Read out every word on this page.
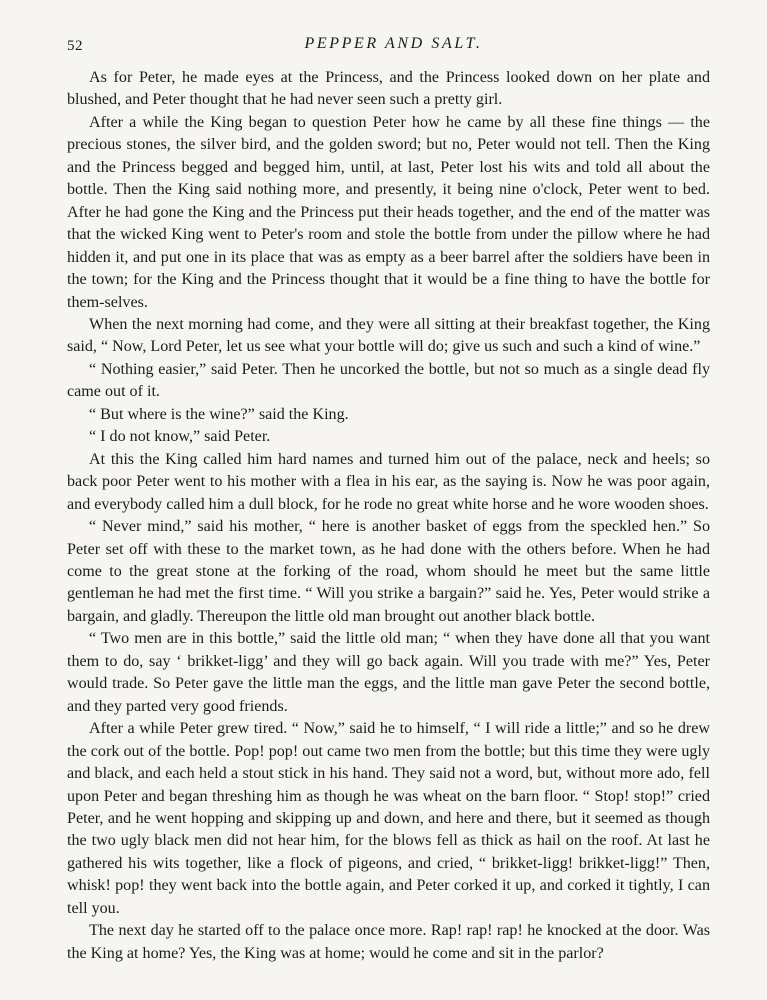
52	PEPPER AND SALT.

As for Peter, he made eyes at the Princess, and the Princess looked down on her plate and blushed, and Peter thought that he had never seen such a pretty girl.

After a while the King began to question Peter how he came by all these fine things — the precious stones, the silver bird, and the golden sword; but no, Peter would not tell. Then the King and the Princess begged and begged him, until, at last, Peter lost his wits and told all about the bottle. Then the King said nothing more, and presently, it being nine o'clock, Peter went to bed. After he had gone the King and the Princess put their heads together, and the end of the matter was that the wicked King went to Peter's room and stole the bottle from under the pillow where he had hidden it, and put one in its place that was as empty as a beer barrel after the soldiers have been in the town; for the King and the Princess thought that it would be a fine thing to have the bottle for them-selves.

When the next morning had come, and they were all sitting at their breakfast together, the King said, “ Now, Lord Peter, let us see what your bottle will do; give us such and such a kind of wine.”

“ Nothing easier,” said Peter. Then he uncorked the bottle, but not so much as a single dead fly came out of it.

“ But where is the wine?” said the King.

“ I do not know,” said Peter.

At this the King called him hard names and turned him out of the palace, neck and heels; so back poor Peter went to his mother with a flea in his ear, as the saying is. Now he was poor again, and everybody called him a dull block, for he rode no great white horse and he wore wooden shoes.

“ Never mind,” said his mother, “ here is another basket of eggs from the speckled hen.” So Peter set off with these to the market town, as he had done with the others before. When he had come to the great stone at the forking of the road, whom should he meet but the same little gentleman he had met the first time. “ Will you strike a bargain?” said he. Yes, Peter would strike a bargain, and gladly. Thereupon the little old man brought out another black bottle.

“ Two men are in this bottle,” said the little old man; “ when they have done all that you want them to do, say ‘ brikket-ligg’ and they will go back again. Will you trade with me?” Yes, Peter would trade. So Peter gave the little man the eggs, and the little man gave Peter the second bottle, and they parted very good friends.

After a while Peter grew tired. “ Now,” said he to himself, “ I will ride a little;” and so he drew the cork out of the bottle. Pop! pop! out came two men from the bottle; but this time they were ugly and black, and each held a stout stick in his hand. They said not a word, but, without more ado, fell upon Peter and began threshing him as though he was wheat on the barn floor. “ Stop! stop!” cried Peter, and he went hopping and skipping up and down, and here and there, but it seemed as though the two ugly black men did not hear him, for the blows fell as thick as hail on the roof. At last he gathered his wits together, like a flock of pigeons, and cried, “ brikket-ligg! brikket-ligg!” Then, whisk! pop! they went back into the bottle again, and Peter corked it up, and corked it tightly, I can tell you.

The next day he started off to the palace once more. Rap! rap! rap! he knocked at the door. Was the King at home? Yes, the King was at home; would he come and sit in the parlor?
